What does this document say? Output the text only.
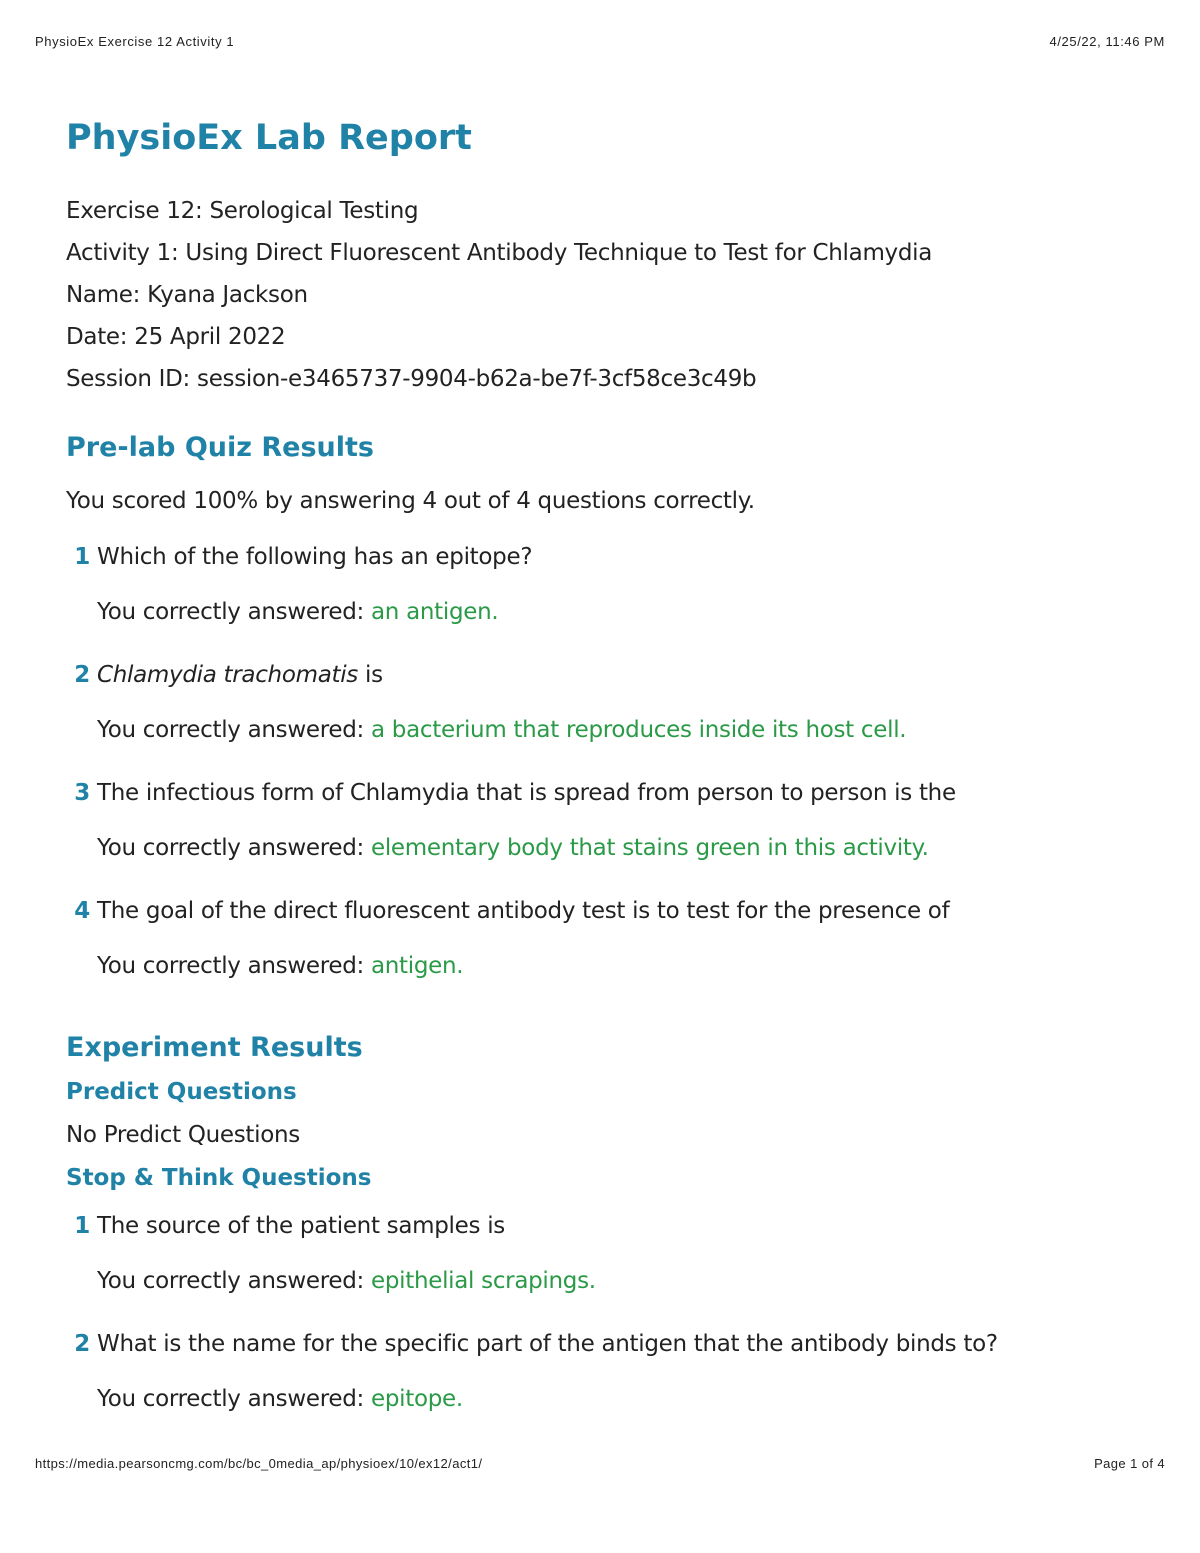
PhysioEx Exercise 12 Activity 1	4/25/22, 11:46 PM
PhysioEx Lab Report
Exercise 12: Serological Testing
Activity 1: Using Direct Fluorescent Antibody Technique to Test for Chlamydia
Name: Kyana Jackson
Date: 25 April 2022
Session ID: session-e3465737-9904-b62a-be7f-3cf58ce3c49b
Pre-lab Quiz Results
You scored 100% by answering 4 out of 4 questions correctly.
1 Which of the following has an epitope?
You correctly answered: an antigen.
2 Chlamydia trachomatis is
You correctly answered: a bacterium that reproduces inside its host cell.
3 The infectious form of Chlamydia that is spread from person to person is the
You correctly answered: elementary body that stains green in this activity.
4 The goal of the direct fluorescent antibody test is to test for the presence of
You correctly answered: antigen.
Experiment Results
Predict Questions
No Predict Questions
Stop & Think Questions
1 The source of the patient samples is
You correctly answered: epithelial scrapings.
2 What is the name for the specific part of the antigen that the antibody binds to?
You correctly answered: epitope.
https://media.pearsoncmg.com/bc/bc_0media_ap/physioex/10/ex12/act1/	Page 1 of 4
